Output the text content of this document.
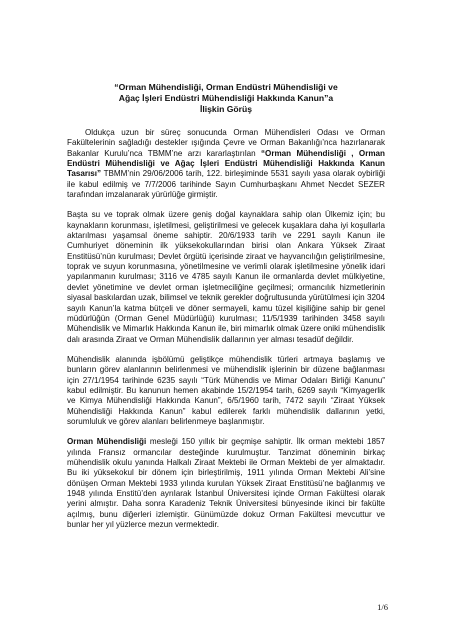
“Orman Mühendisliği, Orman Endüstri Mühendisliği ve
Ağaç İşleri Endüstri Mühendisliği Hakkında Kanun”a
İlişkin Görüş

Oldukça uzun bir süreç sonucunda Orman Mühendisleri Odası ve Orman Fakültelerinin sağladığı destekler ışığında Çevre ve Orman Bakanlığı’nca hazırlanarak Bakanlar Kurulu’nca TBMM’ne arzı kararlaştırılan “Orman Mühendisliği , Orman Endüstri Mühendisliği ve Ağaç İşleri Endüstri Mühendisliği Hakkında Kanun Tasarısı” TBMM’nin 29/06/2006 tarih, 122. birleşiminde 5531 sayılı yasa olarak oybirliği ile kabul edilmiş ve 7/7/2006 tarihinde Sayın Cumhurbaşkanı Ahmet Necdet SEZER tarafından imzalanarak yürürlüğe girmiştir.

Başta su ve toprak olmak üzere geniş doğal kaynaklara sahip olan Ülkemiz için; bu kaynakların korunması, işletilmesi, geliştirilmesi ve gelecek kuşaklara daha iyi koşullarla aktarılması yaşamsal öneme sahiptir. 20/6/1933 tarih ve 2291 sayılı Kanun ile Cumhuriyet döneminin ilk yüksekokullarından birisi olan Ankara Yüksek Ziraat Enstitüsü’nün kurulması; Devlet örgütü içerisinde ziraat ve hayvancılığın geliştirilmesine, toprak ve suyun korunmasına, yönetilmesine ve verimli olarak işletilmesine yönelik idari yapılanmanın kurulması; 3116 ve 4785 sayılı Kanun ile ormanlarda devlet mülkiyetine, devlet yönetimine ve devlet orman işletmeciliğine geçilmesi; ormancılık hizmetlerinin siyasal baskılardan uzak, bilimsel ve teknik gerekler doğrultusunda yürütülmesi için 3204 sayılı Kanun’la katma bütçeli ve döner sermayeli, kamu tüzel kişiliğine sahip bir genel müdürlüğün (Orman Genel Müdürlüğü) kurulması; 11/5/1939 tarihinden 3458 sayılı Mühendislik ve Mimarlık Hakkında Kanun ile, biri mimarlık olmak üzere oniki mühendislik dalı arasında Ziraat ve Orman Mühendislik dallarının yer alması tesadüf değildir.

Mühendislik alanında işbölümü geliştikçe mühendislik türleri artmaya başlamış ve bunların görev alanlarının belirlenmesi ve mühendislik işlerinin bir düzene bağlanması için 27/1/1954 tarihinde 6235 sayılı “Türk Mühendis ve Mimar Odaları Birliği Kanunu” kabul edilmiştir. Bu kanunun hemen akabinde 15/2/1954 tarih, 6269 sayılı “Kimyagerlik ve Kimya Mühendisliği Hakkında Kanun”, 6/5/1960 tarih, 7472 sayılı “Ziraat Yüksek Mühendisliği Hakkında Kanun” kabul edilerek farklı mühendislik dallarının yetki, sorumluluk ve görev alanları belirlenmeye başlanmıştır.

Orman Mühendisliği mesleği 150 yıllık bir geçmişe sahiptir. İlk orman mektebi 1857 yılında Fransız ormancılar desteğinde kurulmuştur. Tanzimat döneminin birkaç mühendislik okulu yanında Halkalı Ziraat Mektebi ile Orman Mektebi de yer almaktadır. Bu iki yüksekokul bir dönem için birleştirilmiş, 1911 yılında Orman Mektebi Ali’sine dönüşen Orman Mektebi 1933 yılında kurulan Yüksek Ziraat Enstitüsü’ne bağlanmış ve 1948 yılında Enstitü’den ayrılarak İstanbul Üniversitesi içinde Orman Fakültesi olarak yerini almıştır. Daha sonra Karadeniz Teknik Üniversitesi bünyesinde ikinci bir fakülte açılmış, bunu diğerleri izlemiştir. Günümüzde dokuz Orman Fakültesi mevcuttur ve bunlar her yıl yüzlerce mezun vermektedir.

1/6
